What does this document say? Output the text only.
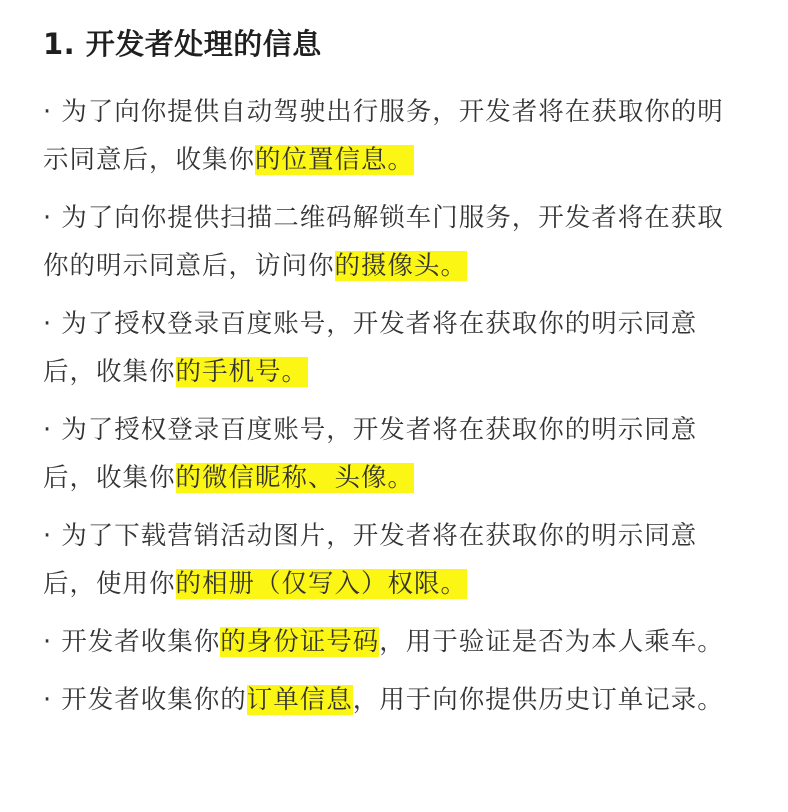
1. 开发者处理的信息

· 为了向你提供自动驾驶出行服务，开发者将在获取你的明示同意后，收集你的位置信息。

· 为了向你提供扫描二维码解锁车门服务，开发者将在获取你的明示同意后，访问你的摄像头。

· 为了授权登录百度账号，开发者将在获取你的明示同意后，收集你的手机号。

· 为了授权登录百度账号，开发者将在获取你的明示同意后，收集你的微信昵称、头像。

· 为了下载营销活动图片，开发者将在获取你的明示同意后，使用你的相册（仅写入）权限。

· 开发者收集你的身份证号码，用于验证是否为本人乘车。

· 开发者收集你的订单信息，用于向你提供历史订单记录。
